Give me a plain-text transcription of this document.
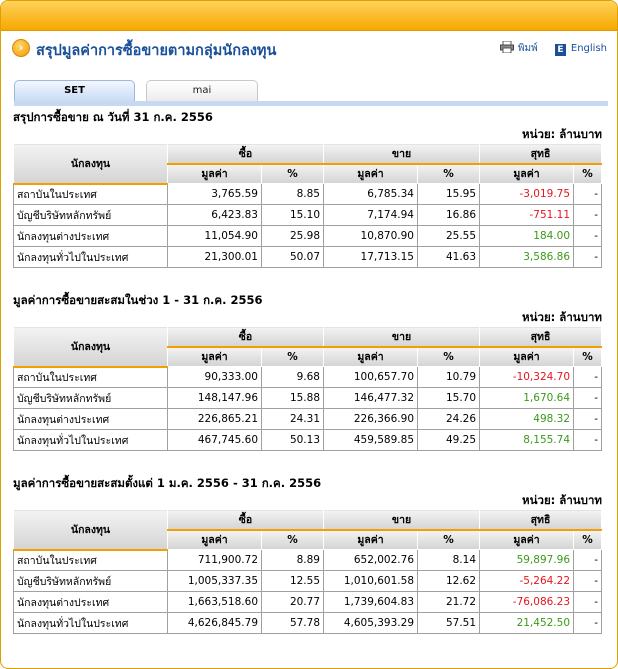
› สรุปมูลค่าการซื้อขายตามกลุ่มนักลงทุน	พิมพ์ E English
SET	mai
สรุปการซื้อขาย ณ วันที่ 31 ก.ค. 2556
หน่วย: ล้านบาท
นักลงทุน	ซื้อ		ขาย		สุทธิ	
	มูลค่า	%	มูลค่า	%	มูลค่า	%
สถาบันในประเทศ	3,765.59	8.85	6,785.34	15.95	-3,019.75	-
บัญชีบริษัทหลักทรัพย์	6,423.83	15.10	7,174.94	16.86	-751.11	-
นักลงทุนต่างประเทศ	11,054.90	25.98	10,870.90	25.55	184.00	-
นักลงทุนทั่วไปในประเทศ	21,300.01	50.07	17,713.15	41.63	3,586.86	-
มูลค่าการซื้อขายสะสมในช่วง 1 - 31 ก.ค. 2556
หน่วย: ล้านบาท
นักลงทุน	ซื้อ		ขาย		สุทธิ	
	มูลค่า	%	มูลค่า	%	มูลค่า	%
สถาบันในประเทศ	90,333.00	9.68	100,657.70	10.79	-10,324.70	-
บัญชีบริษัทหลักทรัพย์	148,147.96	15.88	146,477.32	15.70	1,670.64	-
นักลงทุนต่างประเทศ	226,865.21	24.31	226,366.90	24.26	498.32	-
นักลงทุนทั่วไปในประเทศ	467,745.60	50.13	459,589.85	49.25	8,155.74	-
มูลค่าการซื้อขายสะสมตั้งแต่ 1 ม.ค. 2556 - 31 ก.ค. 2556
หน่วย: ล้านบาท
นักลงทุน	ซื้อ		ขาย		สุทธิ	
	มูลค่า	%	มูลค่า	%	มูลค่า	%
สถาบันในประเทศ	711,900.72	8.89	652,002.76	8.14	59,897.96	-
บัญชีบริษัทหลักทรัพย์	1,005,337.35	12.55	1,010,601.58	12.62	-5,264.22	-
นักลงทุนต่างประเทศ	1,663,518.60	20.77	1,739,604.83	21.72	-76,086.23	-
นักลงทุนทั่วไปในประเทศ	4,626,845.79	57.78	4,605,393.29	57.51	21,452.50	-
